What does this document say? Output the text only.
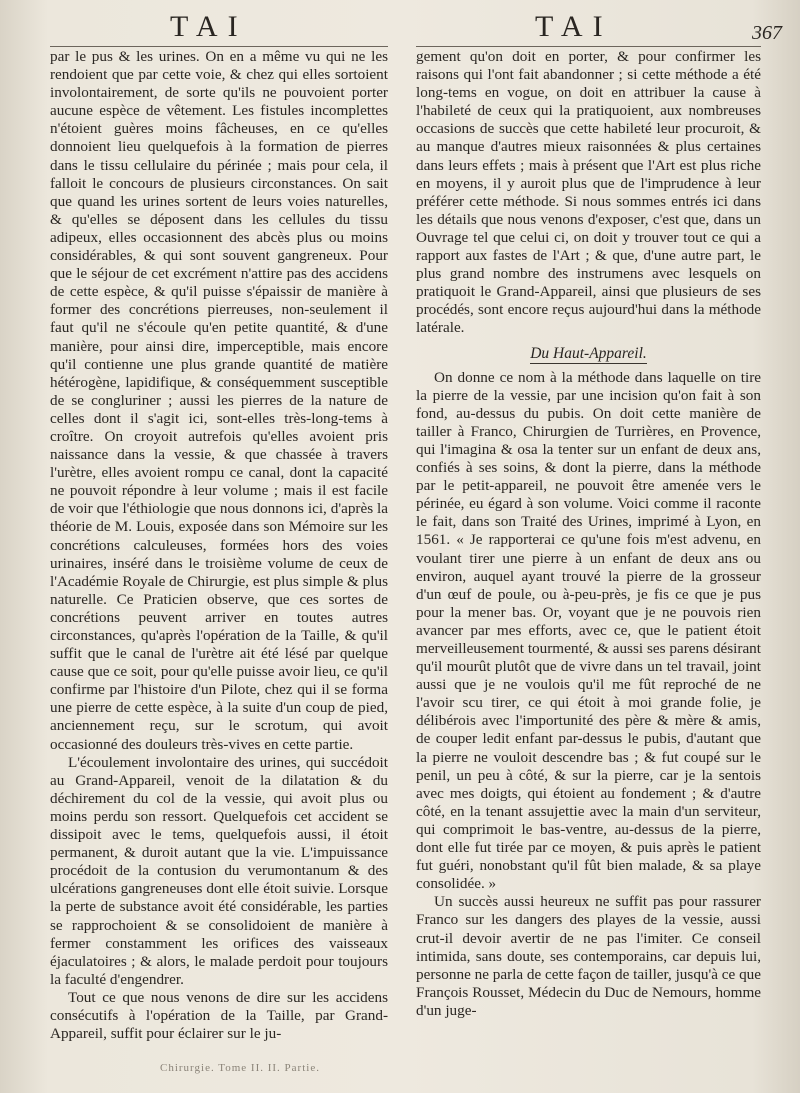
TAI	TAI	367

par le pus & les urines. On en a même vu qui ne les rendoient que par cette voie, & chez qui elles sortoient involontairement, de sorte qu'ils ne pouvoient porter aucune espèce de vêtement. Les fistules incomplettes n'étoient guères moins fâcheuses, en ce qu'elles donnoient lieu quelquefois à la formation de pierres dans le tissu cellulaire du périnée ; mais pour cela, il falloit le concours de plusieurs circonstances. On sait que quand les urines sortent de leurs voies naturelles, & qu'elles se déposent dans les cellules du tissu adipeux, elles occasionnent des abcès plus ou moins considérables, & qui sont souvent gangreneux. Pour que le séjour de cet excrément n'attire pas des accidens de cette espèce, & qu'il puisse s'épaissir de manière à former des concrétions pierreuses, non-seulement il faut qu'il ne s'écoule qu'en petite quantité, & d'une manière, pour ainsi dire, imperceptible, mais encore qu'il contienne une plus grande quantité de matière hétérogène, lapidifique, & conséquemment susceptible de se congluriner ; aussi les pierres de la nature de celles dont il s'agit ici, sont-elles très-long-tems à croître. On croyoit autrefois qu'elles avoient pris naissance dans la vessie, & que chassée à travers l'urètre, elles avoient rompu ce canal, dont la capacité ne pouvoit répondre à leur volume ; mais il est facile de voir que l'éthiologie que nous donnons ici, d'après la théorie de M. Louis, exposée dans son Mémoire sur les concrétions calculeuses, formées hors des voies urinaires, inséré dans le troisième volume de ceux de l'Académie Royale de Chirurgie, est plus simple & plus naturelle. Ce Praticien observe, que ces sortes de concrétions peuvent arriver en toutes autres circonstances, qu'après l'opération de la Taille, & qu'il suffit que le canal de l'urètre ait été lésé par quelque cause que ce soit, pour qu'elle puisse avoir lieu, ce qu'il confirme par l'histoire d'un Pilote, chez qui il se forma une pierre de cette espèce, à la suite d'un coup de pied, anciennement reçu, sur le scrotum, qui avoit occasionné des douleurs très-vives en cette partie.

L'écoulement involontaire des urines, qui succédoit au Grand-Appareil, venoit de la dilatation & du déchirement du col de la vessie, qui avoit plus ou moins perdu son ressort. Quelquefois cet accident se dissipoit avec le tems, quelquefois aussi, il étoit permanent, & duroit autant que la vie. L'impuissance procédoit de la contusion du verumontanum & des ulcérations gangreneuses dont elle étoit suivie. Lorsque la perte de substance avoit été considérable, les parties se rapprochoient & se consolidoient de manière à fermer constamment les orifices des vaisseaux éjaculatoires ; & alors, le malade perdoit pour toujours la faculté d'engendrer.

Tout ce que nous venons de dire sur les accidens consécutifs à l'opération de la Taille, par Grand-Appareil, suffit pour éclairer sur le ju-

gement qu'on doit en porter, & pour confirmer les raisons qui l'ont fait abandonner ; si cette méthode a été long-tems en vogue, on doit en attribuer la cause à l'habileté de ceux qui la pratiquoient, aux nombreuses occasions de succès que cette habileté leur procuroit, & au manque d'autres mieux raisonnées & plus certaines dans leurs effets ; mais à présent que l'Art est plus riche en moyens, il y auroit plus que de l'imprudence à leur préférer cette méthode. Si nous sommes entrés ici dans les détails que nous venons d'exposer, c'est que, dans un Ouvrage tel que celui ci, on doit y trouver tout ce qui a rapport aux fastes de l'Art ; & que, d'une autre part, le plus grand nombre des instrumens avec lesquels on pratiquoit le Grand-Appareil, ainsi que plusieurs de ses procédés, sont encore reçus aujourd'hui dans la méthode latérale.

Du Haut-Appareil.

On donne ce nom à la méthode dans laquelle on tire la pierre de la vessie, par une incision qu'on fait à son fond, au-dessus du pubis. On doit cette manière de tailler à Franco, Chirurgien de Turrières, en Provence, qui l'imagina & osa la tenter sur un enfant de deux ans, confiés à ses soins, & dont la pierre, dans la méthode par le petit-appareil, ne pouvoit être amenée vers le périnée, eu égard à son volume. Voici comme il raconte le fait, dans son Traité des Urines, imprimé à Lyon, en 1561. « Je rapporterai ce qu'une fois m'est advenu, en voulant tirer une pierre à un enfant de deux ans ou environ, auquel ayant trouvé la pierre de la grosseur d'un œuf de poule, ou à-peu-près, je fis ce que je pus pour la mener bas. Or, voyant que je ne pouvois rien avancer par mes efforts, avec ce, que le patient étoit merveilleusement tourmenté, & aussi ses parens désirant qu'il mourût plutôt que de vivre dans un tel travail, joint aussi que je ne voulois qu'il me fût reproché de ne l'avoir scu tirer, ce qui étoit à moi grande folie, je délibérois avec l'importunité des père & mère & amis, de couper ledit enfant par-dessus le pubis, d'autant que la pierre ne vouloit descendre bas ; & fut coupé sur le penil, un peu à côté, & sur la pierre, car je la sentois avec mes doigts, qui étoient au fondement ; & d'autre côté, en la tenant assujettie avec la main d'un serviteur, qui comprimoit le bas-ventre, au-dessus de la pierre, dont elle fut tirée par ce moyen, & puis après le patient fut guéri, nonobstant qu'il fût bien malade, & sa playe consolidée. »

Un succès aussi heureux ne suffit pas pour rassurer Franco sur les dangers des playes de la vessie, aussi crut-il devoir avertir de ne pas l'imiter. Ce conseil intimida, sans doute, ses contemporains, car depuis lui, personne ne parla de cette façon de tailler, jusqu'à ce que François Rousset, Médecin du Duc de Nemours, homme d'un juge-

Chirurgie. Tome II. II. Partie.
